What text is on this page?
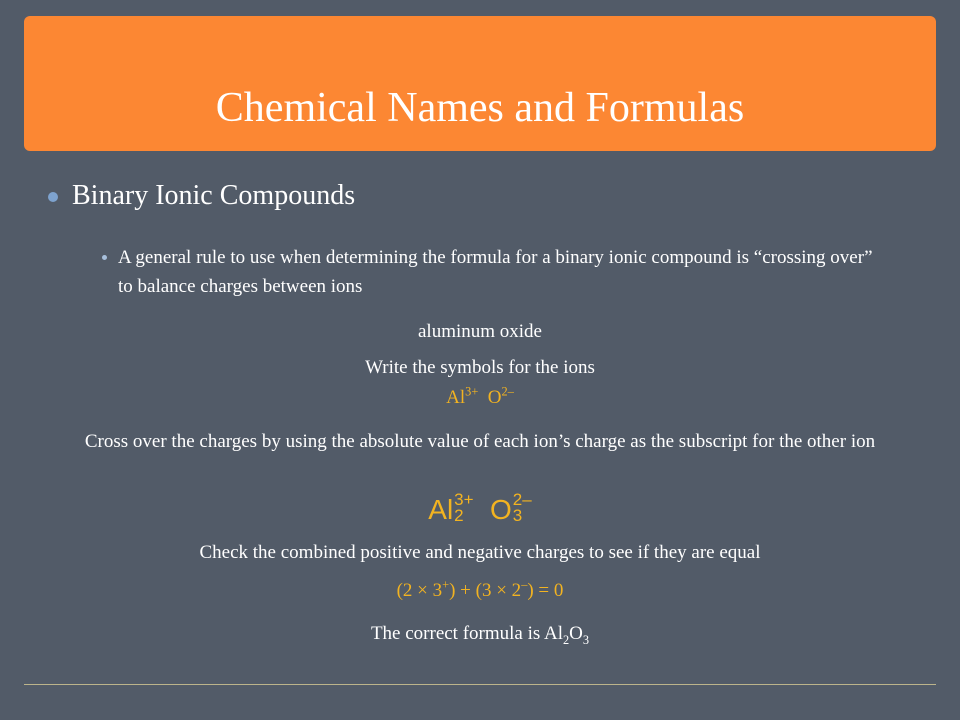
Chemical Names and Formulas
Binary Ionic Compounds
A general rule to use when determining the formula for a binary ionic compound is “crossing over” to balance charges between ions
aluminum oxide
Write the symbols for the ions
$Al^{3+}$ $O^{2-}$
Cross over the charges by using the absolute value of each ion’s charge as the subscript for the other ion
Al 3+
2 O 2–
3
Check the combined positive and negative charges to see if they are equal
(2 × 3+) + (3 × 2–) = 0
The correct formula is $Al_2O_3$
